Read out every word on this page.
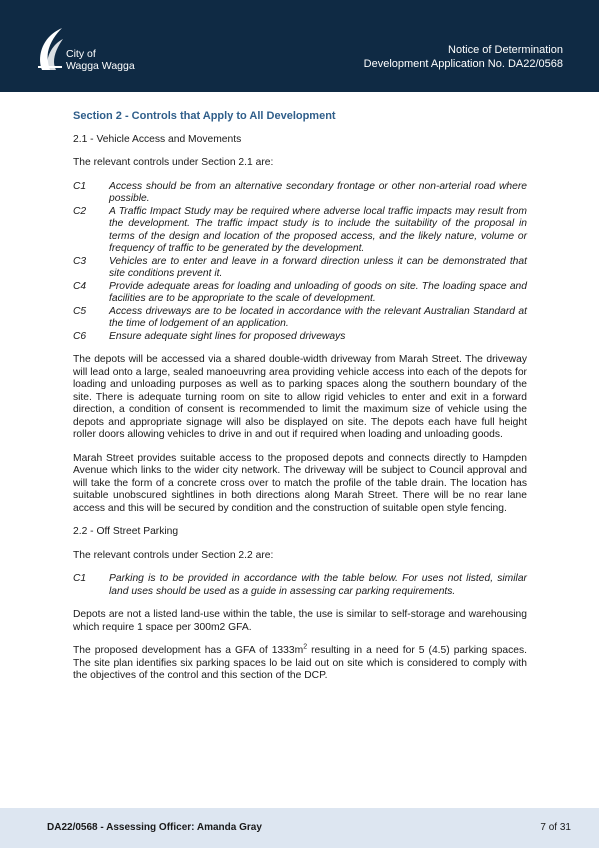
City of
Wagga Wagga
Notice of Determination
Development Application No. DA22/0568
Section 2 - Controls that Apply to All Development
2.1 - Vehicle Access and Movements
The relevant controls under Section 2.1 are:
C1	Access should be from an alternative secondary frontage or other non-arterial road where possible.
C2	A Traffic Impact Study may be required where adverse local traffic impacts may result from the development. The traffic impact study is to include the suitability of the proposal in terms of the design and location of the proposed access, and the likely nature, volume or frequency of traffic to be generated by the development.
C3	Vehicles are to enter and leave in a forward direction unless it can be demonstrated that site conditions prevent it.
C4	Provide adequate areas for loading and unloading of goods on site. The loading space and facilities are to be appropriate to the scale of development.
C5	Access driveways are to be located in accordance with the relevant Australian Standard at the time of lodgement of an application.
C6	Ensure adequate sight lines for proposed driveways
The depots will be accessed via a shared double-width driveway from Marah Street. The driveway will lead onto a large, sealed manoeuvring area providing vehicle access into each of the depots for loading and unloading purposes as well as to parking spaces along the southern boundary of the site. There is adequate turning room on site to allow rigid vehicles to enter and exit in a forward direction, a condition of consent is recommended to limit the maximum size of vehicle using the depots and appropriate signage will also be displayed on site. The depots each have full height roller doors allowing vehicles to drive in and out if required when loading and unloading goods.
Marah Street provides suitable access to the proposed depots and connects directly to Hampden Avenue which links to the wider city network. The driveway will be subject to Council approval and will take the form of a concrete cross over to match the profile of the table drain. The location has suitable unobscured sightlines in both directions along Marah Street. There will be no rear lane access and this will be secured by condition and the construction of suitable open style fencing.
2.2 - Off Street Parking
The relevant controls under Section 2.2 are:
C1	Parking is to be provided in accordance with the table below. For uses not listed, similar land uses should be used as a guide in assessing car parking requirements.
Depots are not a listed land-use within the table, the use is similar to self-storage and warehousing which require 1 space per 300m2 GFA.
The proposed development has a GFA of $1333m^2$ resulting in a need for 5 (4.5) parking spaces. The site plan identifies six parking spaces lo be laid out on site which is considered to comply with the objectives of the control and this section of the DCP.
DA22/0568 - Assessing Officer: Amanda Gray	7 of 31
